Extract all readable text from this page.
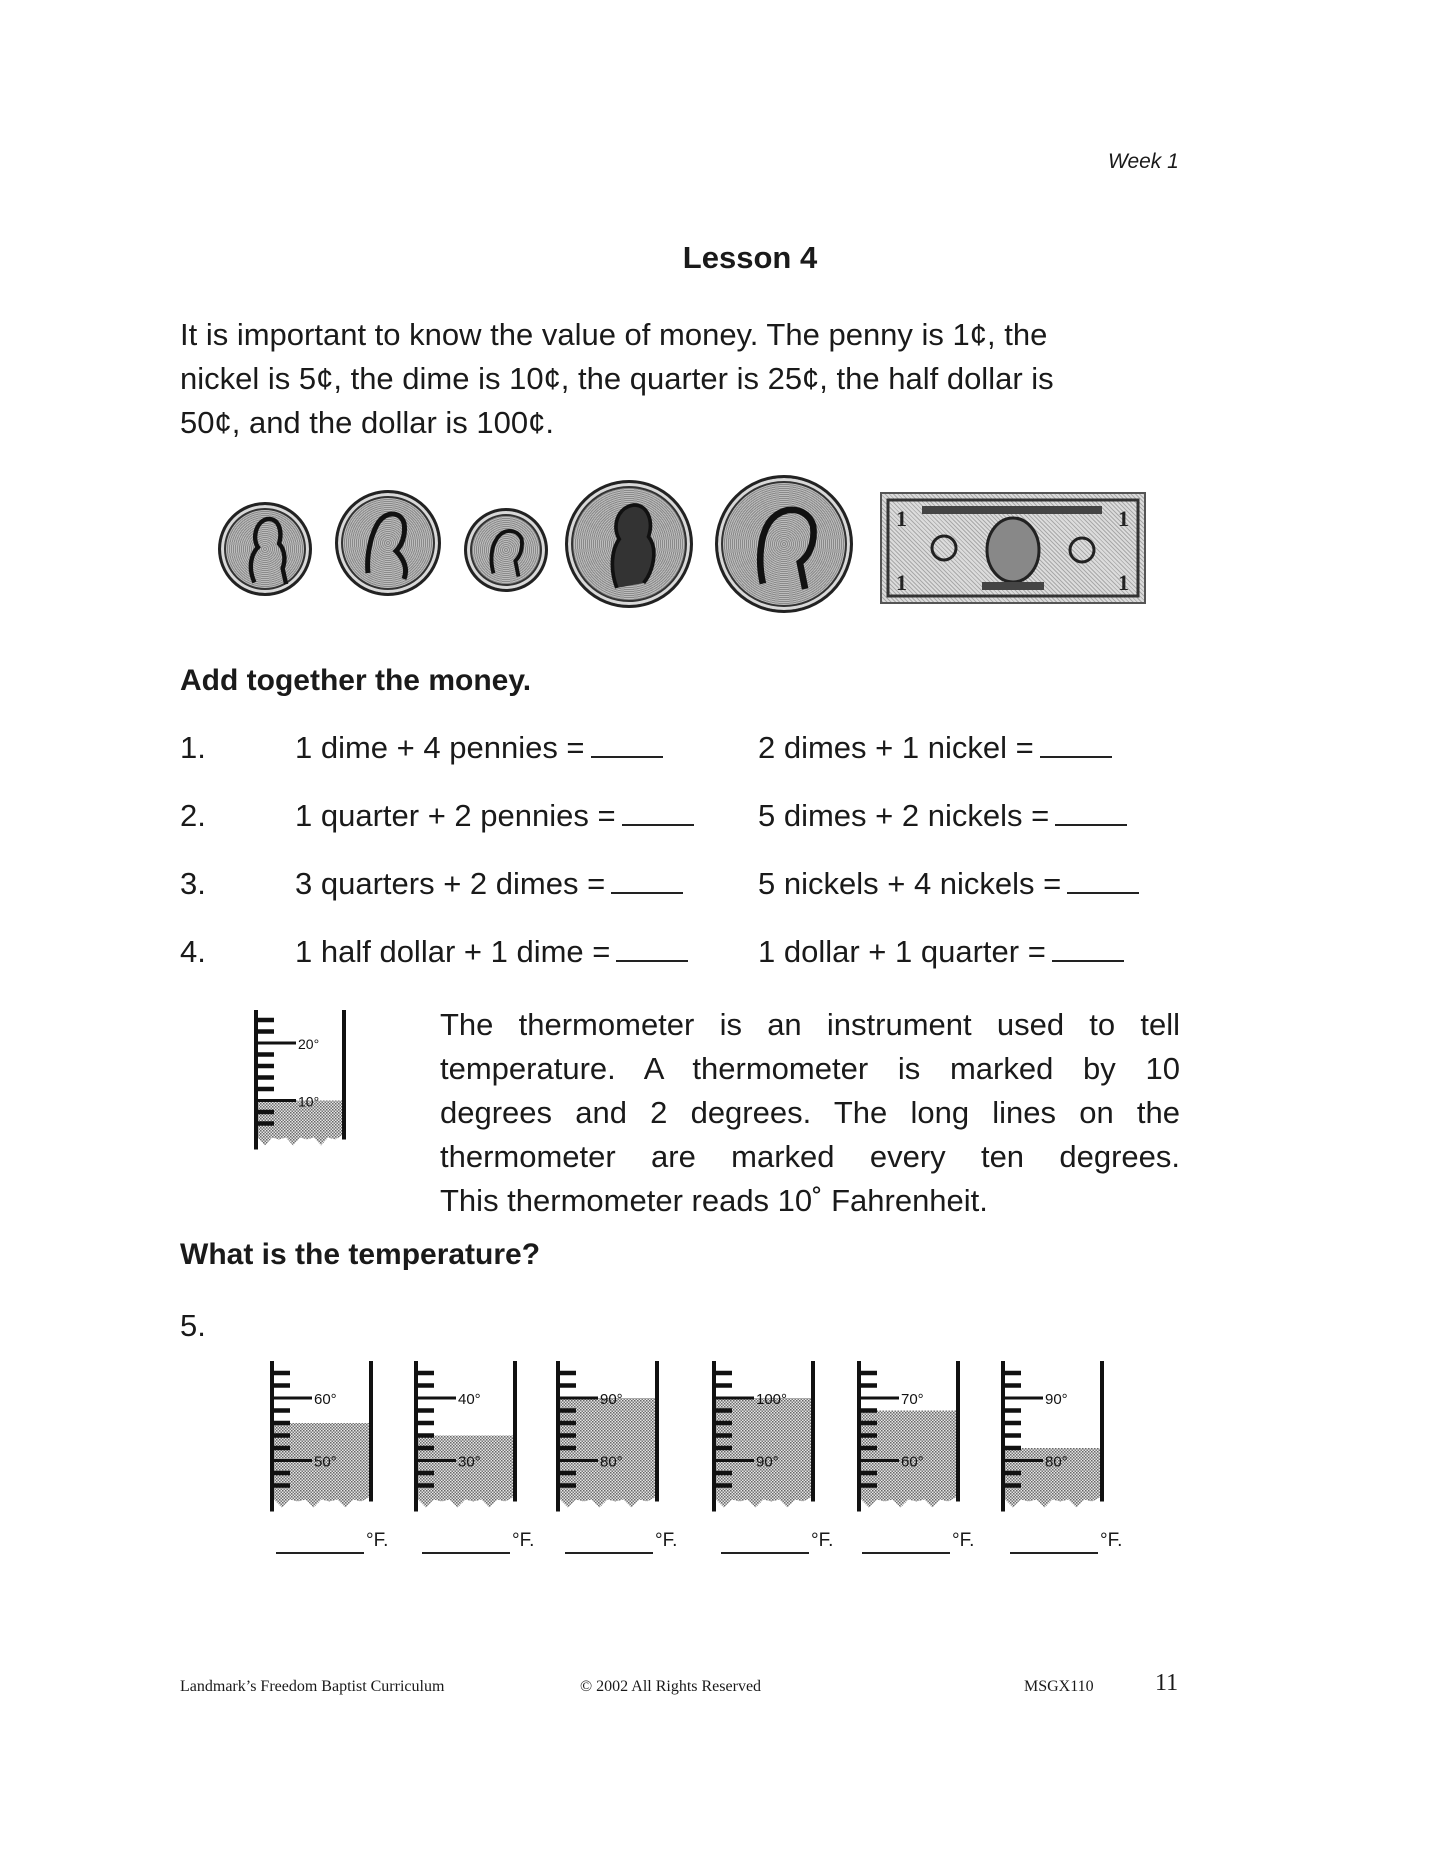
Week 1
Lesson 4
It is important to know the value of money. The penny is 1¢, the
nickel is 5¢, the dime is 10¢, the quarter is 25¢, the half dollar is
50¢, and the dollar is 100¢.
1	1
1	1
Add together the money.
1.	1 dime + 4 pennies =	2 dimes + 1 nickel =
2.	1 quarter + 2 pennies =	5 dimes + 2 nickels =
3.	3 quarters + 2 dimes =	5 nickels + 4 nickels =
4.	1 half dollar + 1 dime =	1 dollar + 1 quarter =
20°
10°
The thermometer is an instrument used to tell
temperature. A thermometer is marked by 10
degrees and 2 degrees. The long lines on the
thermometer are marked every ten degrees.
This thermometer reads 10˚ Fahrenheit.
What is the temperature?
5.
60°
50°
°F.
40°
30°
°F.
90°
80°
°F.
100°
90°
°F.
70°
60°
°F.
90°
80°
°F.
Landmark’s Freedom Baptist Curriculum	© 2002 All Rights Reserved	MSGX110	11
